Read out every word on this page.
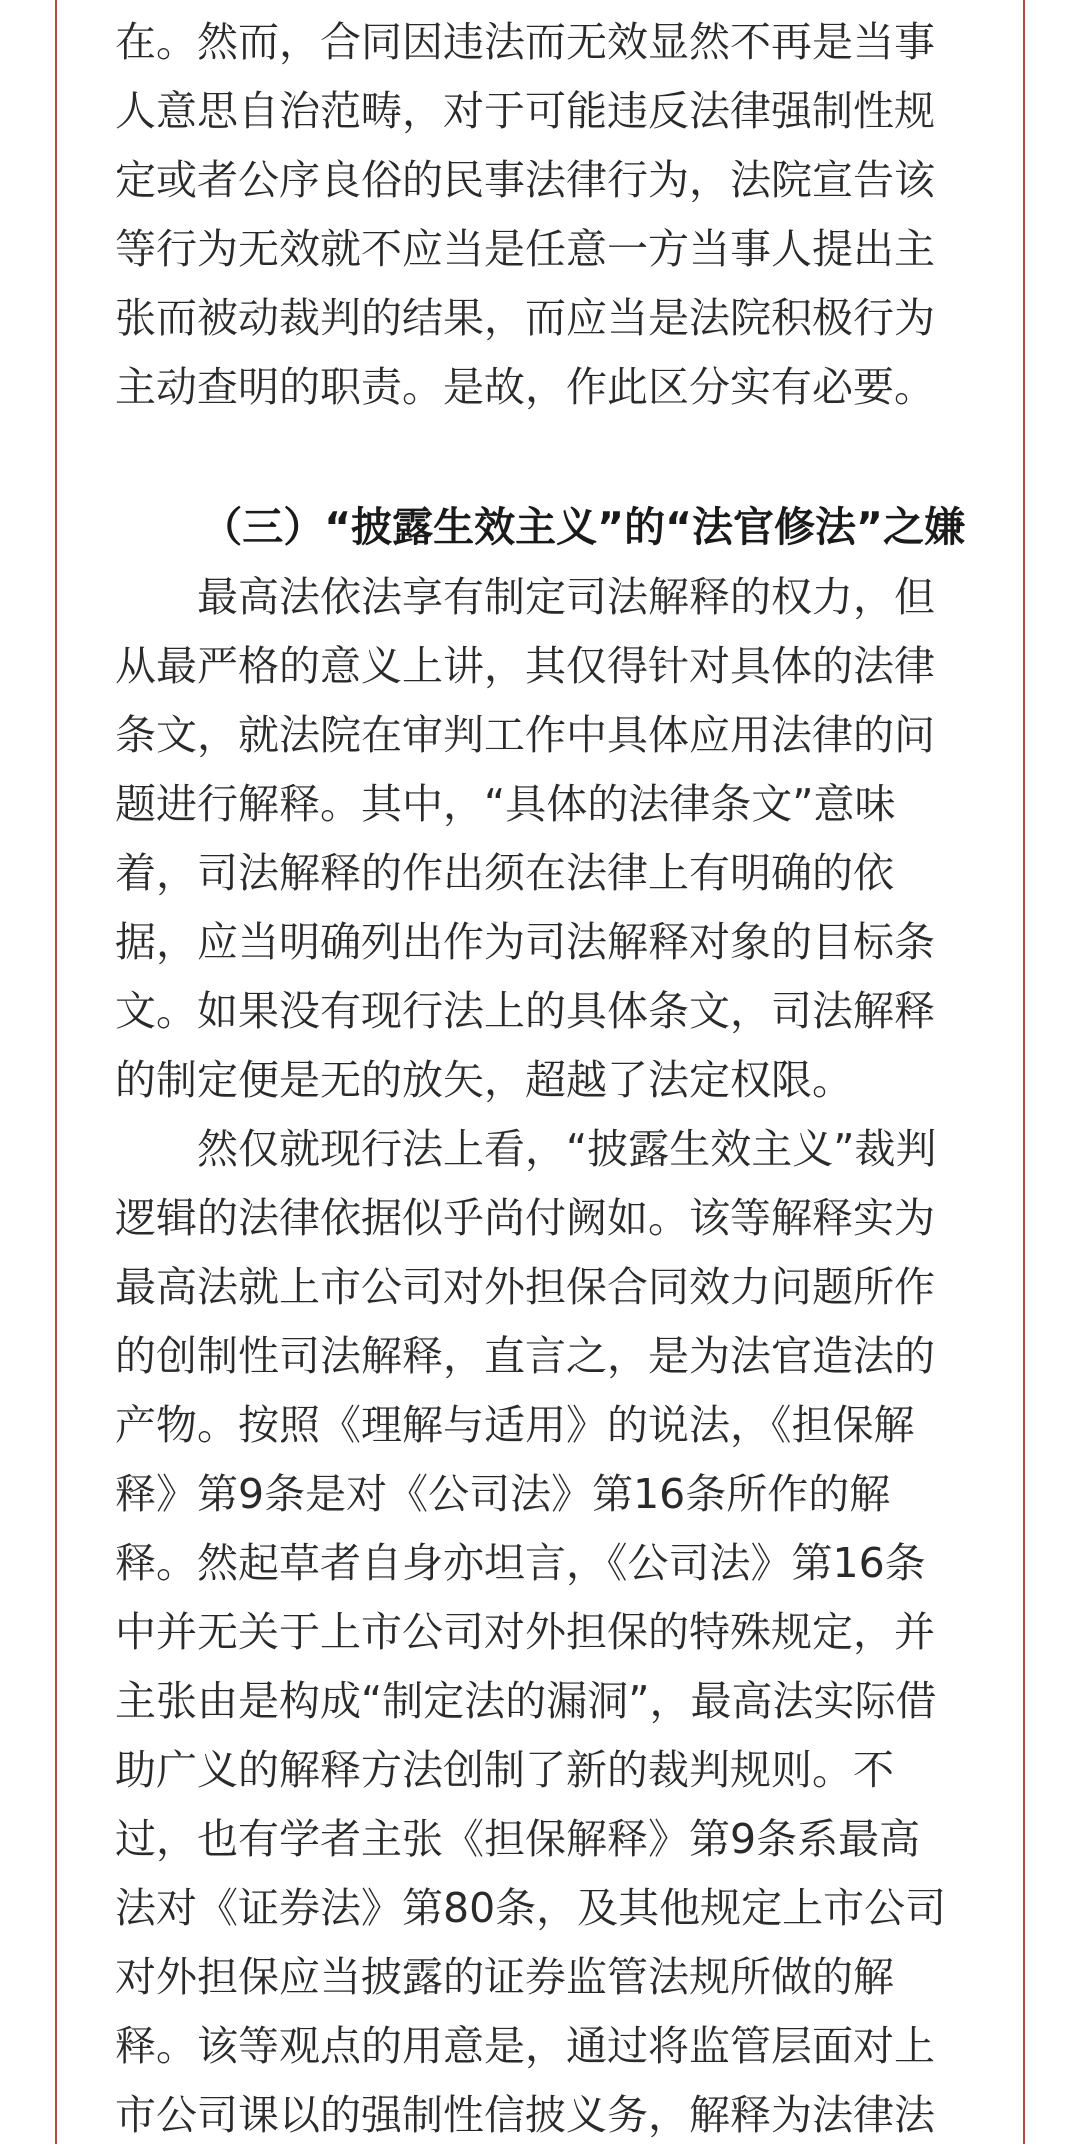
在。然而，合同因违法而无效显然不再是当事
人意思自治范畴，对于可能违反法律强制性规
定或者公序良俗的民事法律行为，法院宣告该
等行为无效就不应当是任意一方当事人提出主
张而被动裁判的结果，而应当是法院积极行为
主动查明的职责。是故，作此区分实有必要。
（三）“披露生效主义”的“法官修法”之嫌
最高法依法享有制定司法解释的权力，但
从最严格的意义上讲，其仅得针对具体的法律
条文，就法院在审判工作中具体应用法律的问
题进行解释。其中，“具体的法律条文”意味
着，司法解释的作出须在法律上有明确的依
据，应当明确列出作为司法解释对象的目标条
文。如果没有现行法上的具体条文，司法解释
的制定便是无的放矢，超越了法定权限。
然仅就现行法上看，“披露生效主义”裁判
逻辑的法律依据似乎尚付阙如。该等解释实为
最高法就上市公司对外担保合同效力问题所作
的创制性司法解释，直言之，是为法官造法的
产物。按照《理解与适用》的说法，《担保解
释》第9条是对《公司法》第16条所作的解
释。然起草者自身亦坦言，《公司法》第16条
中并无关于上市公司对外担保的特殊规定，并
主张由是构成“制定法的漏洞”，最高法实际借
助广义的解释方法创制了新的裁判规则。不
过，也有学者主张《担保解释》第9条系最高
法对《证券法》第80条，及其他规定上市公司
对外担保应当披露的证券监管法规所做的解
释。该等观点的用意是，通过将监管层面对上
市公司课以的强制性信披义务，解释为法律法
